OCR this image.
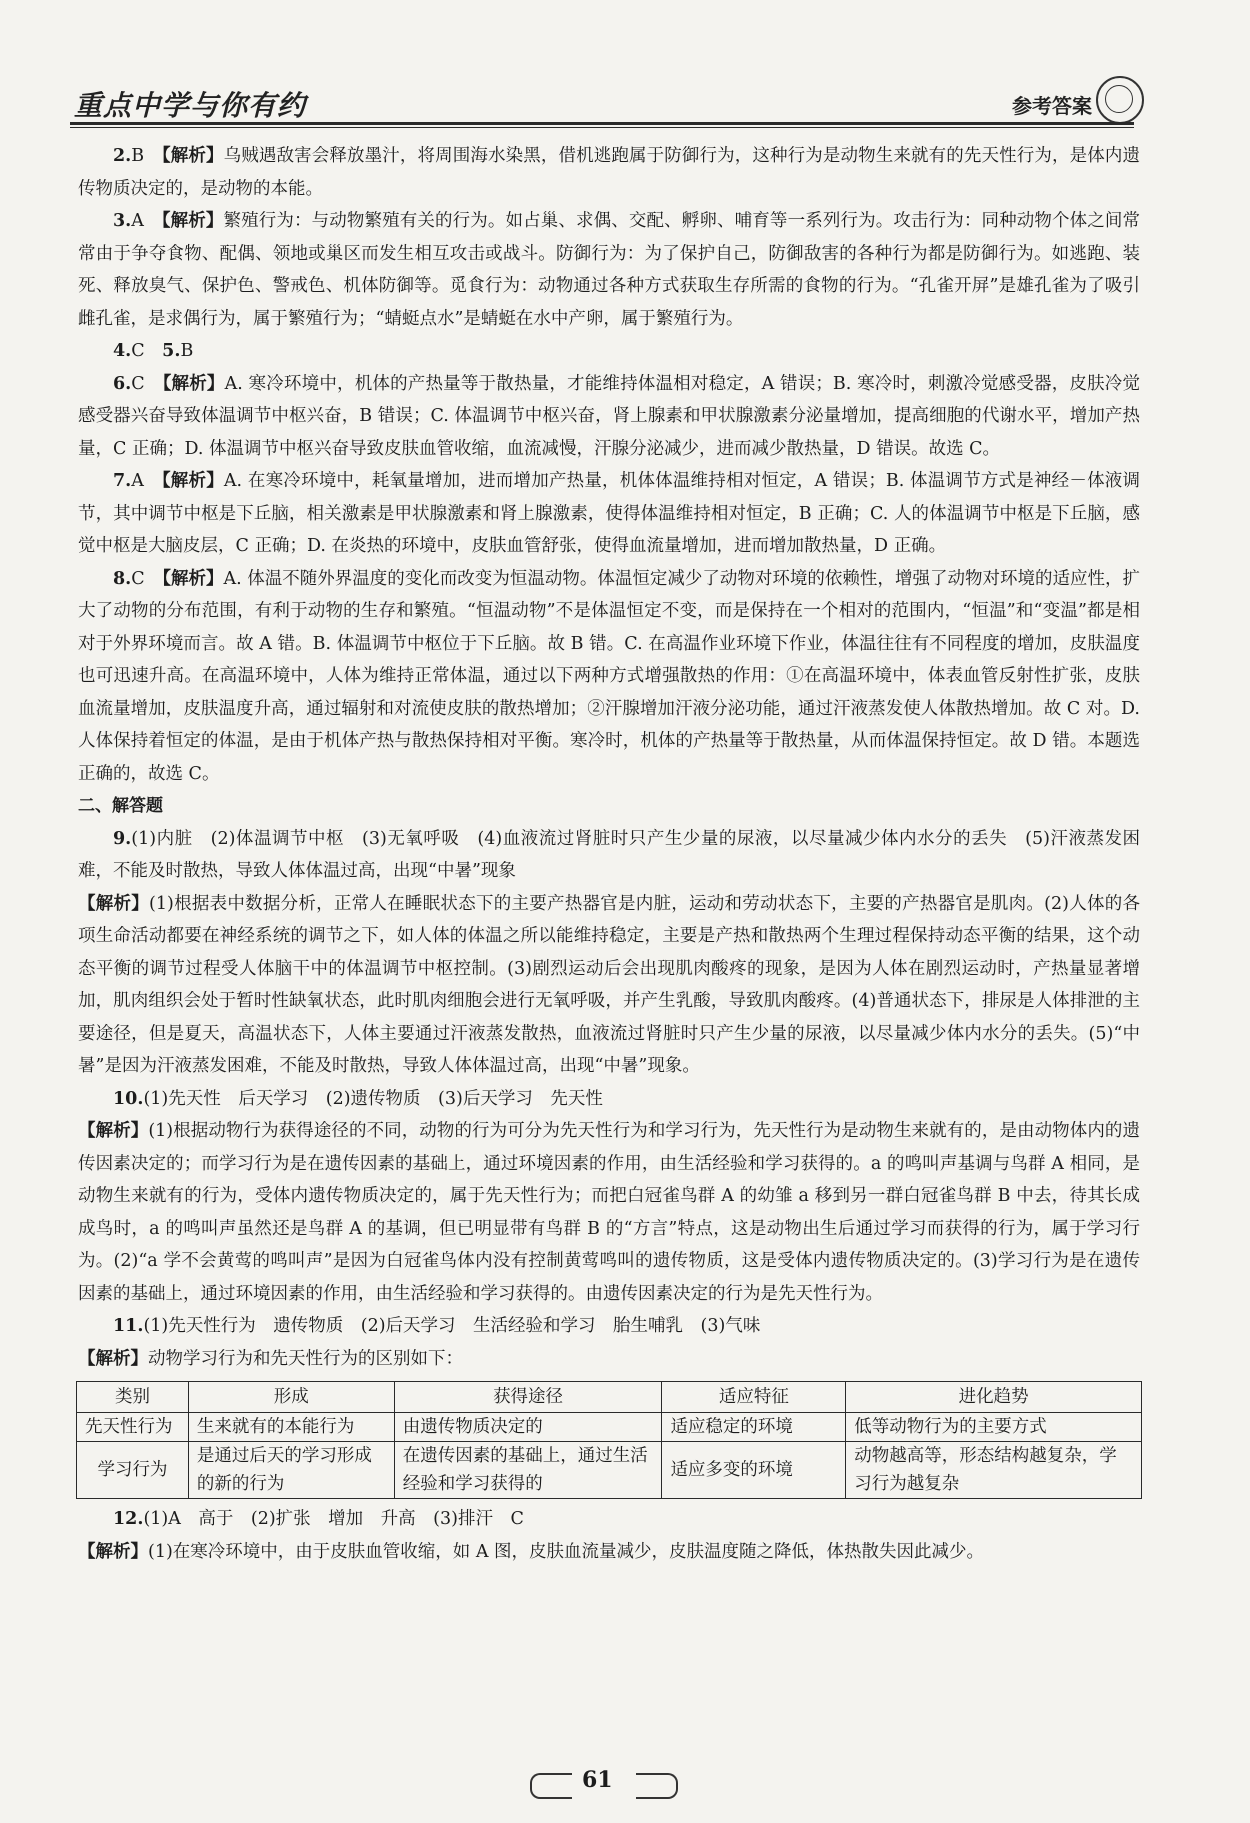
重点中学与你有约	参考答案

2.B　 【解析】乌贼遇敌害会释放墨汁，将周围海水染黑，借机逃跑属于防御行为，这种行为是动物生来就有的先天性行为，是体内遗传物质决定的，是动物的本能。

3.A　 【解析】繁殖行为：与动物繁殖有关的行为。如占巢、求偶、交配、孵卵、哺育等一系列行为。攻击行为：同种动物个体之间常常由于争夺食物、配偶、领地或巢区而发生相互攻击或战斗。防御行为：为了保护自己，防御敌害的各种行为都是防御行为。如逃跑、装死、释放臭气、保护色、警戒色、机体防御等。觅食行为：动物通过各种方式获取生存所需的食物的行为。“孔雀开屏”是雄孔雀为了吸引雌孔雀，是求偶行为，属于繁殖行为；“蜻蜓点水”是蜻蜓在水中产卵，属于繁殖行为。

4.C　 5.B

6.C　 【解析】A. 寒冷环境中，机体的产热量等于散热量，才能维持体温相对稳定，A 错误；B. 寒冷时，刺激冷觉感受器，皮肤冷觉感受器兴奋导致体温调节中枢兴奋，B 错误；C. 体温调节中枢兴奋，肾上腺素和甲状腺激素分泌量增加，提高细胞的代谢水平，增加产热量，C 正确；D. 体温调节中枢兴奋导致皮肤血管收缩，血流减慢，汗腺分泌减少，进而减少散热量，D 错误。故选 C。

7.A　 【解析】A. 在寒冷环境中，耗氧量增加，进而增加产热量，机体体温维持相对恒定，A 错误；B. 体温调节方式是神经－体液调节，其中调节中枢是下丘脑，相关激素是甲状腺激素和肾上腺激素，使得体温维持相对恒定，B 正确；C. 人的体温调节中枢是下丘脑，感觉中枢是大脑皮层，C 正确；D. 在炎热的环境中，皮肤血管舒张，使得血流量增加，进而增加散热量，D 正确。

8.C　 【解析】A. 体温不随外界温度的变化而改变为恒温动物。体温恒定减少了动物对环境的依赖性，增强了动物对环境的适应性，扩大了动物的分布范围，有利于动物的生存和繁殖。“恒温动物”不是体温恒定不变，而是保持在一个相对的范围内，“恒温”和“变温”都是相对于外界环境而言。故 A 错。B. 体温调节中枢位于下丘脑。故 B 错。C. 在高温作业环境下作业，体温往往有不同程度的增加，皮肤温度也可迅速升高。在高温环境中，人体为维持正常体温，通过以下两种方式增强散热的作用：①在高温环境中，体表血管反射性扩张，皮肤血流量增加，皮肤温度升高，通过辐射和对流使皮肤的散热增加；②汗腺增加汗液分泌功能，通过汗液蒸发使人体散热增加。故 C 对。D. 人体保持着恒定的体温，是由于机体产热与散热保持相对平衡。寒冷时，机体的产热量等于散热量，从而体温保持恒定。故 D 错。本题选正确的，故选 C。

二、解答题

9.(1)内脏　(2)体温调节中枢　(3)无氧呼吸　(4)血液流过肾脏时只产生少量的尿液，以尽量减少体内水分的丢失　(5)汗液蒸发困难，不能及时散热，导致人体体温过高，出现“中暑”现象

【解析】(1)根据表中数据分析，正常人在睡眠状态下的主要产热器官是内脏，运动和劳动状态下，主要的产热器官是肌肉。(2)人体的各项生命活动都要在神经系统的调节之下，如人体的体温之所以能维持稳定，主要是产热和散热两个生理过程保持动态平衡的结果，这个动态平衡的调节过程受人体脑干中的体温调节中枢控制。(3)剧烈运动后会出现肌肉酸疼的现象，是因为人体在剧烈运动时，产热量显著增加，肌肉组织会处于暂时性缺氧状态，此时肌肉细胞会进行无氧呼吸，并产生乳酸，导致肌肉酸疼。(4)普通状态下，排尿是人体排泄的主要途径，但是夏天，高温状态下，人体主要通过汗液蒸发散热，血液流过肾脏时只产生少量的尿液，以尽量减少体内水分的丢失。(5)“中暑”是因为汗液蒸发困难，不能及时散热，导致人体体温过高，出现“中暑”现象。

10.(1)先天性　后天学习　(2)遗传物质　(3)后天学习　先天性

【解析】(1)根据动物行为获得途径的不同，动物的行为可分为先天性行为和学习行为，先天性行为是动物生来就有的，是由动物体内的遗传因素决定的；而学习行为是在遗传因素的基础上，通过环境因素的作用，由生活经验和学习获得的。a 的鸣叫声基调与鸟群 A 相同，是动物生来就有的行为，受体内遗传物质决定的，属于先天性行为；而把白冠雀鸟群 A 的幼雏 a 移到另一群白冠雀鸟群 B 中去，待其长成成鸟时，a 的鸣叫声虽然还是鸟群 A 的基调，但已明显带有鸟群 B 的“方言”特点，这是动物出生后通过学习而获得的行为，属于学习行为。(2)“a 学不会黄莺的鸣叫声”是因为白冠雀鸟体内没有控制黄莺鸣叫的遗传物质，这是受体内遗传物质决定的。(3)学习行为是在遗传因素的基础上，通过环境因素的作用，由生活经验和学习获得的。由遗传因素决定的行为是先天性行为。

11.(1)先天性行为　遗传物质　(2)后天学习　生活经验和学习　胎生哺乳　(3)气味

【解析】动物学习行为和先天性行为的区别如下：

类别	形成	获得途径	适应特征	进化趋势
先天性行为	生来就有的本能行为	由遗传物质决定的	适应稳定的环境	低等动物行为的主要方式
学习行为	是通过后天的学习形成的新的行为	在遗传因素的基础上，通过生活经验和学习获得的	适应多变的环境	动物越高等，形态结构越复杂，学习行为越复杂

12.(1)A　高于　(2)扩张　增加　升高　(3)排汗　C

【解析】(1)在寒冷环境中，由于皮肤血管收缩，如 A 图，皮肤血流量减少，皮肤温度随之降低，体热散失因此减少。

61
